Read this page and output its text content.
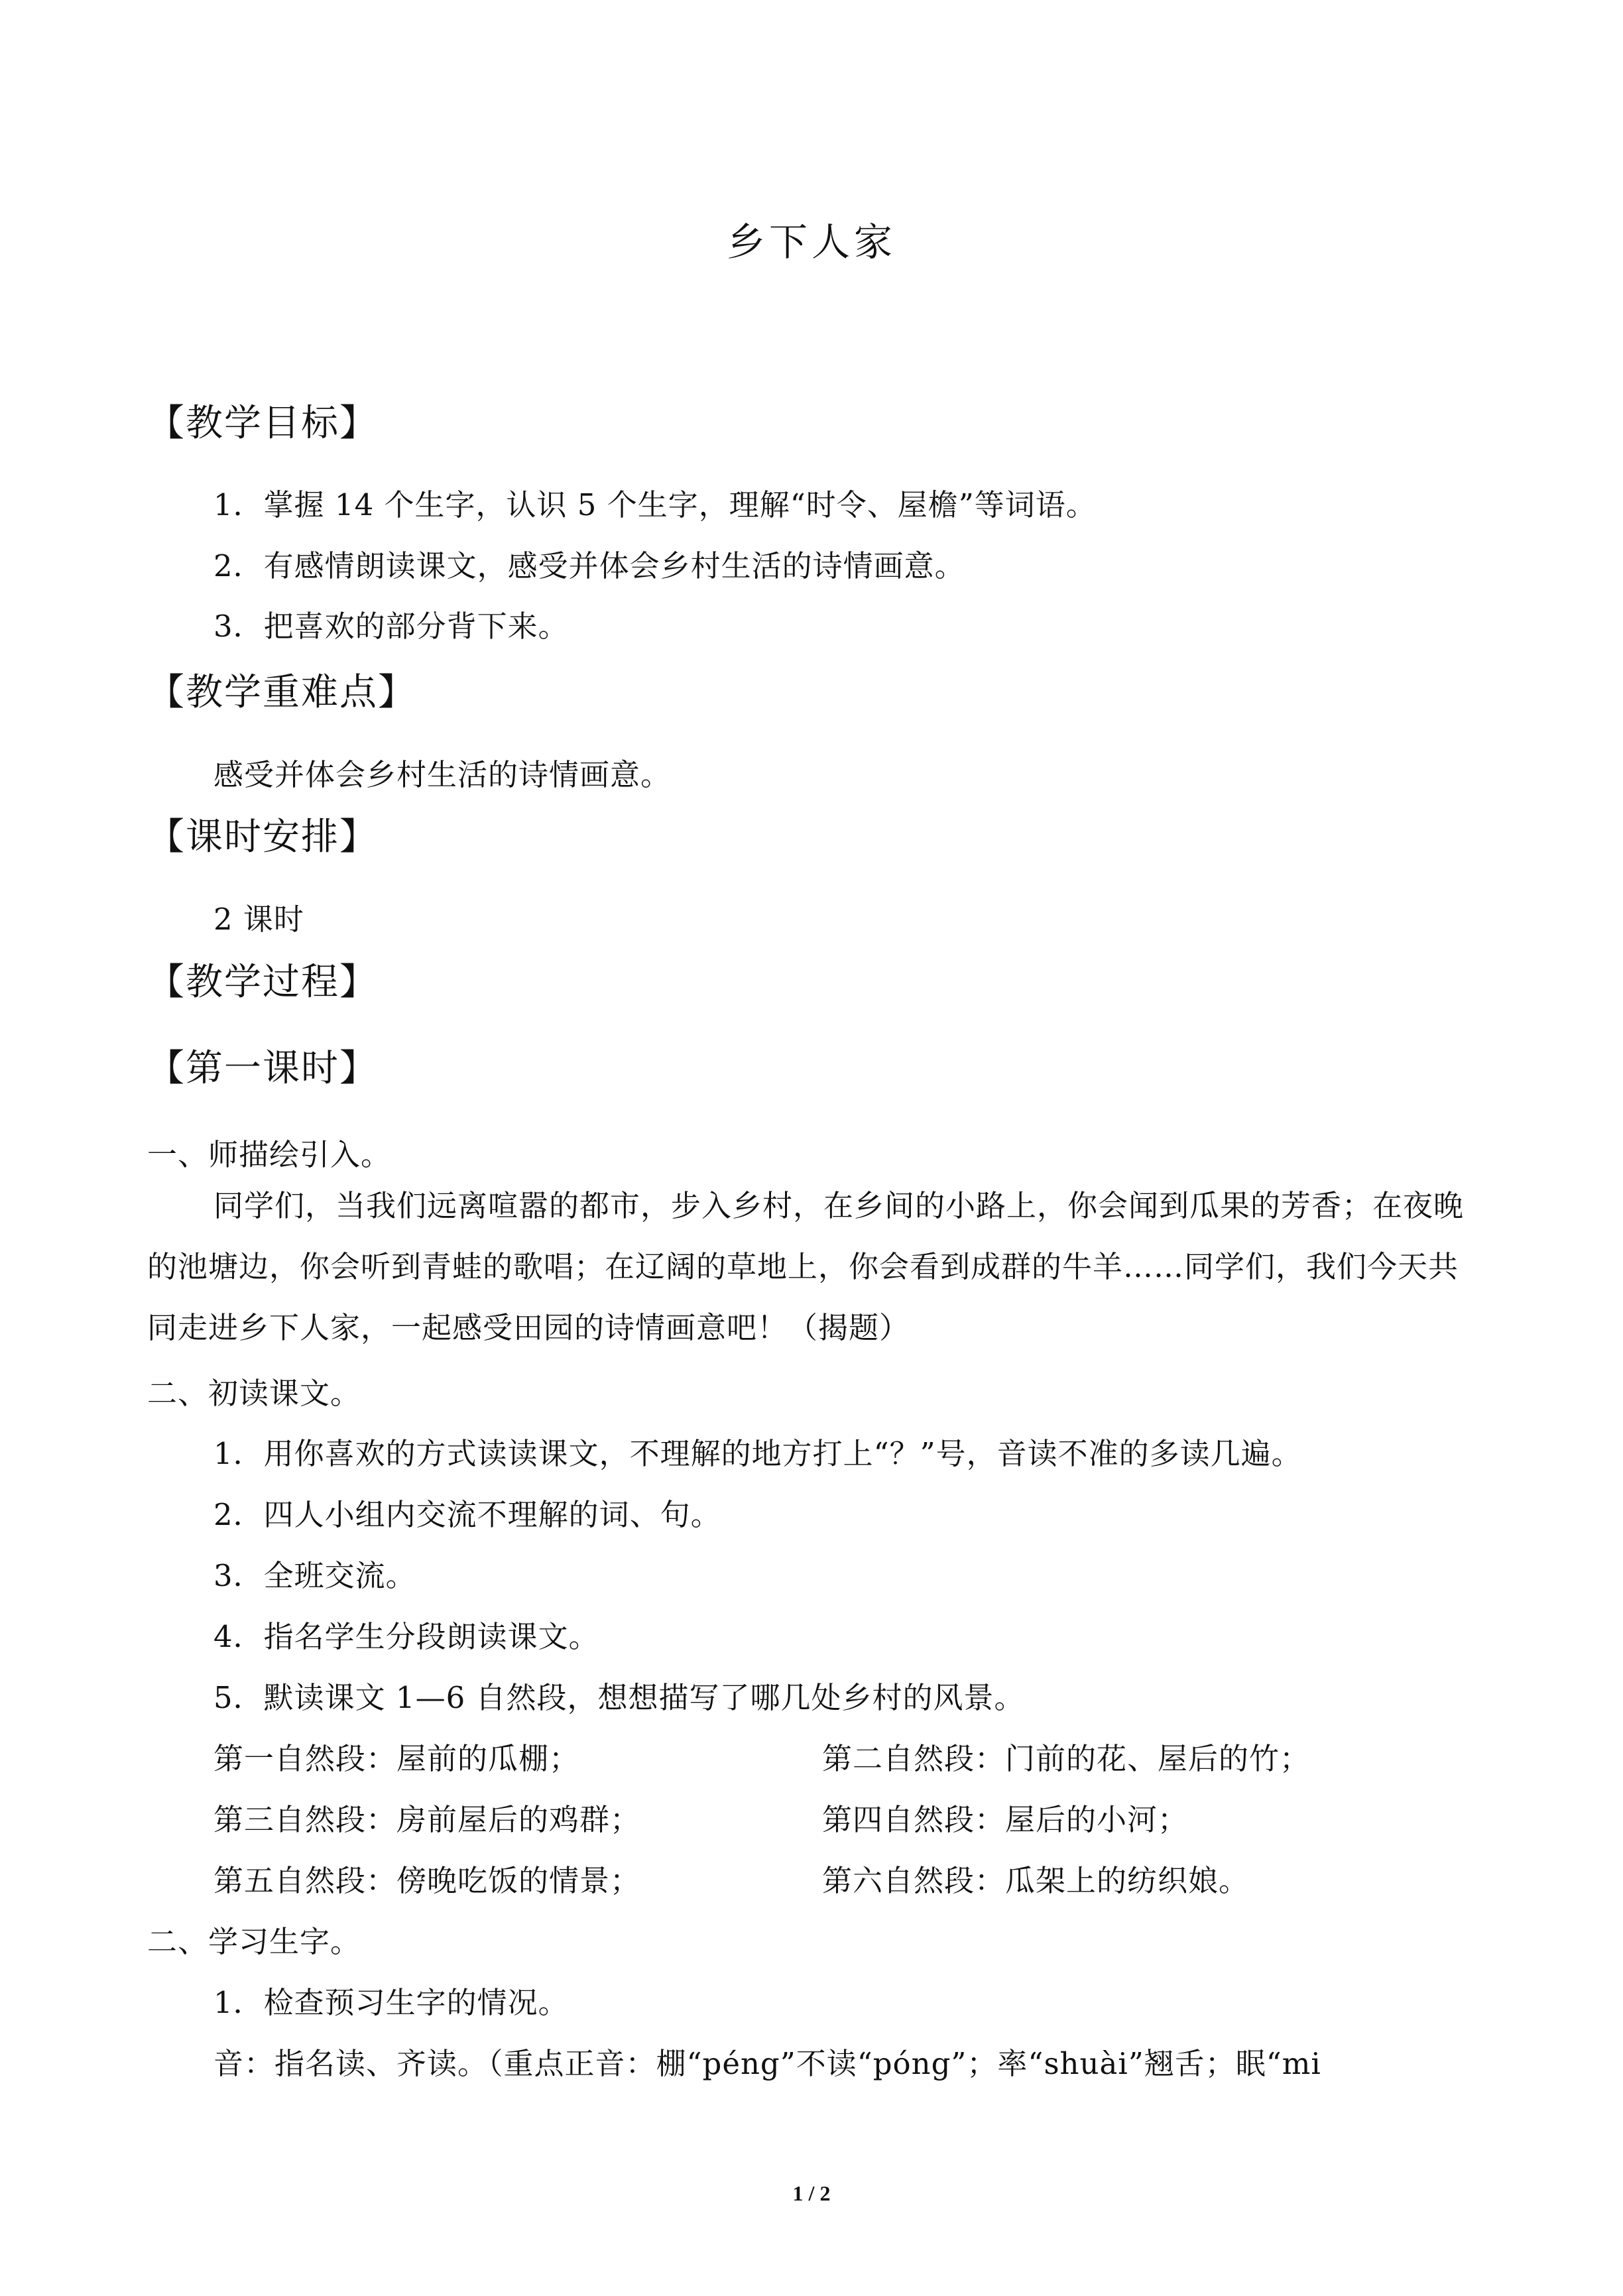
乡下人家
【教学目标】
1．掌握 14 个生字，认识 5 个生字，理解“时令、屋檐”等词语。
2．有感情朗读课文，感受并体会乡村生活的诗情画意。
3．把喜欢的部分背下来。
【教学重难点】
感受并体会乡村生活的诗情画意。
【课时安排】
2 课时
【教学过程】
【第一课时】
一、师描绘引入。
同学们，当我们远离喧嚣的都市，步入乡村，在乡间的小路上，你会闻到瓜果的芳香；在夜晚的池塘边，你会听到青蛙的歌唱；在辽阔的草地上，你会看到成群的牛羊……同学们，我们今天共同走进乡下人家，一起感受田园的诗情画意吧！（揭题）
二、初读课文。
1．用你喜欢的方式读读课文，不理解的地方打上“？”号，音读不准的多读几遍。
2．四人小组内交流不理解的词、句。
3．全班交流。
4．指名学生分段朗读课文。
5．默读课文 1—6 自然段，想想描写了哪几处乡村的风景。
第一自然段：屋前的瓜棚；	第二自然段：门前的花、屋后的竹；
第三自然段：房前屋后的鸡群；	第四自然段：屋后的小河；
第五自然段：傍晚吃饭的情景；	第六自然段：瓜架上的纺织娘。
二、学习生字。
1．检查预习生字的情况。
音：指名读、齐读。（重点正音：棚“péng”不读“póng”；率“shuài”翘舌；眠“mi
1 / 2
